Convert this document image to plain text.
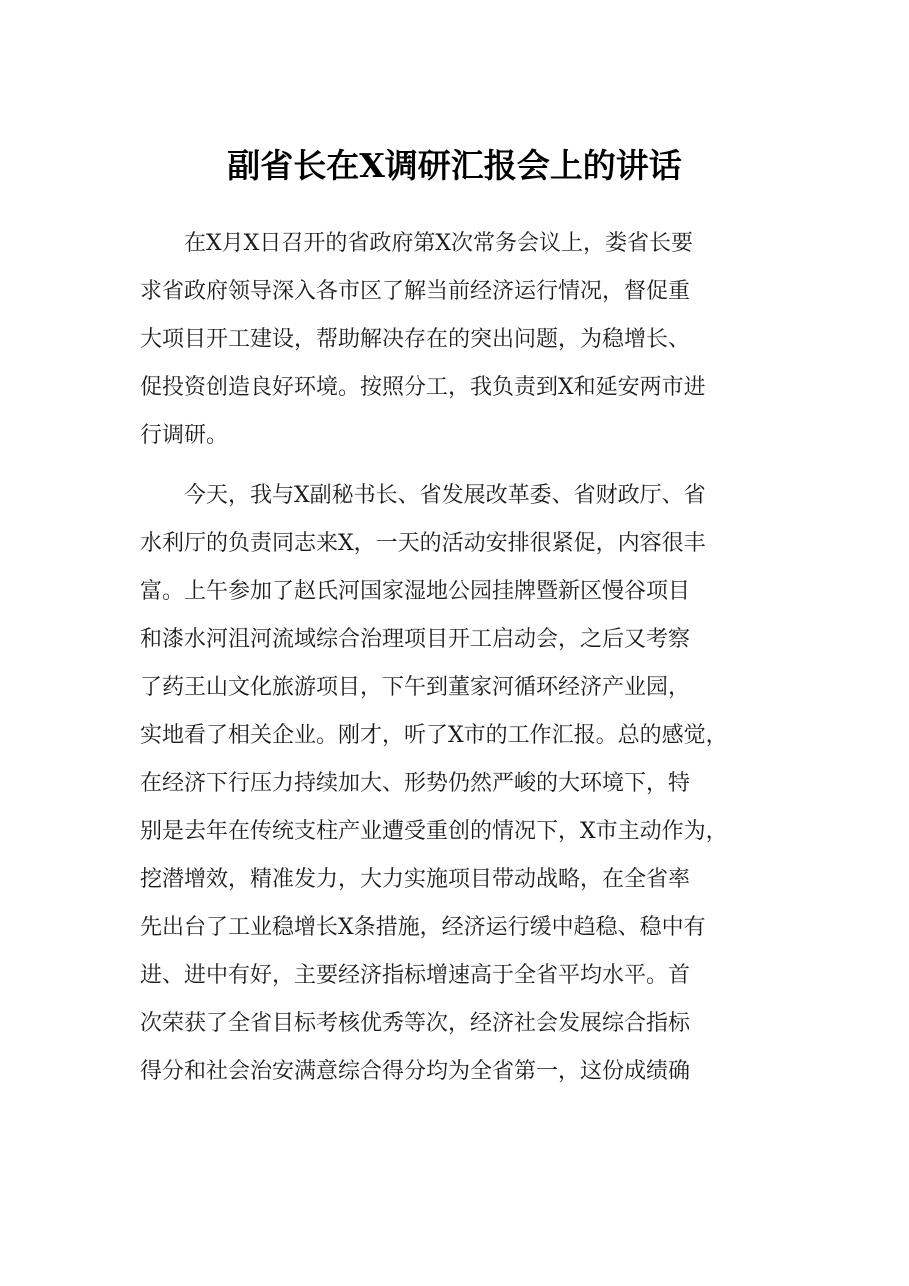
副省长在X调研汇报会上的讲话

　　在X月X日召开的省政府第X次常务会议上，娄省长要
求省政府领导深入各市区了解当前经济运行情况，督促重
大项目开工建设，帮助解决存在的突出问题，为稳增长、
促投资创造良好环境。按照分工，我负责到X和延安两市进
行调研。

　　今天，我与X副秘书长、省发展改革委、省财政厅、省
水利厅的负责同志来X，一天的活动安排很紧促，内容很丰
富。上午参加了赵氏河国家湿地公园挂牌暨新区慢谷项目
和漆水河沮河流域综合治理项目开工启动会，之后又考察
了药王山文化旅游项目，下午到董家河循环经济产业园，
实地看了相关企业。刚才，听了X市的工作汇报。总的感觉，
在经济下行压力持续加大、形势仍然严峻的大环境下，特
别是去年在传统支柱产业遭受重创的情况下，X市主动作为，
挖潜增效，精准发力，大力实施项目带动战略，在全省率
先出台了工业稳增长X条措施，经济运行缓中趋稳、稳中有
进、进中有好，主要经济指标增速高于全省平均水平。首
次荣获了全省目标考核优秀等次，经济社会发展综合指标
得分和社会治安满意综合得分均为全省第一，这份成绩确
